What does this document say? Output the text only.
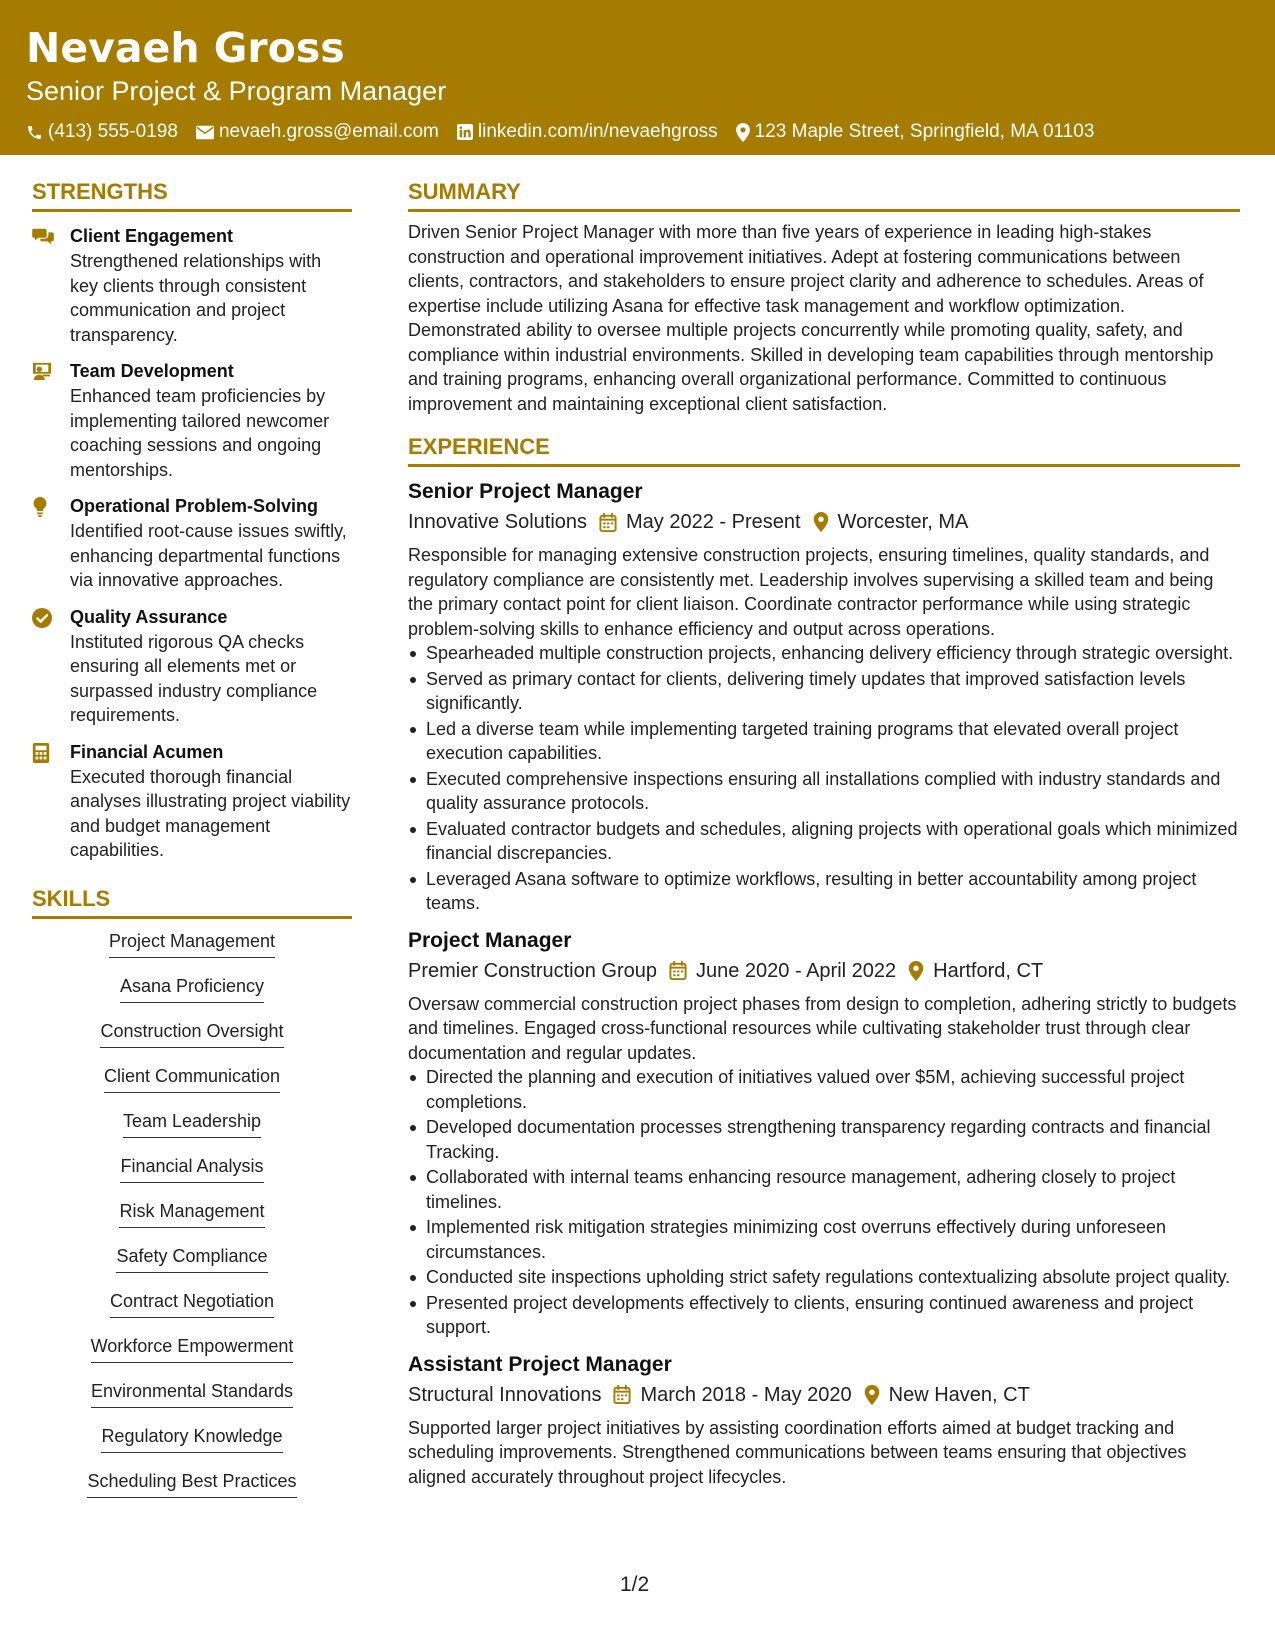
Nevaeh Gross
Senior Project & Program Manager
(413) 555-0198 nevaeh.gross@email.com linkedin.com/in/nevaehgross 123 Maple Street, Springfield, MA 01103
STRENGTHS
Client Engagement
Strengthened relationships with key clients through consistent communication and project transparency.
Team Development
Enhanced team proficiencies by implementing tailored newcomer coaching sessions and ongoing mentorships.
Operational Problem-Solving
Identified root-cause issues swiftly, enhancing departmental functions via innovative approaches.
Quality Assurance
Instituted rigorous QA checks ensuring all elements met or surpassed industry compliance requirements.
Financial Acumen
Executed thorough financial analyses illustrating project viability and budget management capabilities.
SKILLS
Project Management
Asana Proficiency
Construction Oversight
Client Communication
Team Leadership
Financial Analysis
Risk Management
Safety Compliance
Contract Negotiation
Workforce Empowerment
Environmental Standards
Regulatory Knowledge
Scheduling Best Practices
SUMMARY
Driven Senior Project Manager with more than five years of experience in leading high-stakes construction and operational improvement initiatives. Adept at fostering communications between clients, contractors, and stakeholders to ensure project clarity and adherence to schedules. Areas of expertise include utilizing Asana for effective task management and workflow optimization. Demonstrated ability to oversee multiple projects concurrently while promoting quality, safety, and compliance within industrial environments. Skilled in developing team capabilities through mentorship and training programs, enhancing overall organizational performance. Committed to continuous improvement and maintaining exceptional client satisfaction.
EXPERIENCE
Senior Project Manager
Innovative Solutions May 2022 - Present Worcester, MA
Responsible for managing extensive construction projects, ensuring timelines, quality standards, and regulatory compliance are consistently met. Leadership involves supervising a skilled team and being the primary contact point for client liaison. Coordinate contractor performance while using strategic problem-solving skills to enhance efficiency and output across operations.
Spearheaded multiple construction projects, enhancing delivery efficiency through strategic oversight.
Served as primary contact for clients, delivering timely updates that improved satisfaction levels significantly.
Led a diverse team while implementing targeted training programs that elevated overall project execution capabilities.
Executed comprehensive inspections ensuring all installations complied with industry standards and quality assurance protocols.
Evaluated contractor budgets and schedules, aligning projects with operational goals which minimized financial discrepancies.
Leveraged Asana software to optimize workflows, resulting in better accountability among project teams.
Project Manager
Premier Construction Group June 2020 - April 2022 Hartford, CT
Oversaw commercial construction project phases from design to completion, adhering strictly to budgets and timelines. Engaged cross-functional resources while cultivating stakeholder trust through clear documentation and regular updates.
Directed the planning and execution of initiatives valued over $5M, achieving successful project completions.
Developed documentation processes strengthening transparency regarding contracts and financial Tracking.
Collaborated with internal teams enhancing resource management, adhering closely to project timelines.
Implemented risk mitigation strategies minimizing cost overruns effectively during unforeseen circumstances.
Conducted site inspections upholding strict safety regulations contextualizing absolute project quality.
Presented project developments effectively to clients, ensuring continued awareness and project support.
Assistant Project Manager
Structural Innovations March 2018 - May 2020 New Haven, CT
Supported larger project initiatives by assisting coordination efforts aimed at budget tracking and scheduling improvements. Strengthened communications between teams ensuring that objectives aligned accurately throughout project lifecycles.
1/2
